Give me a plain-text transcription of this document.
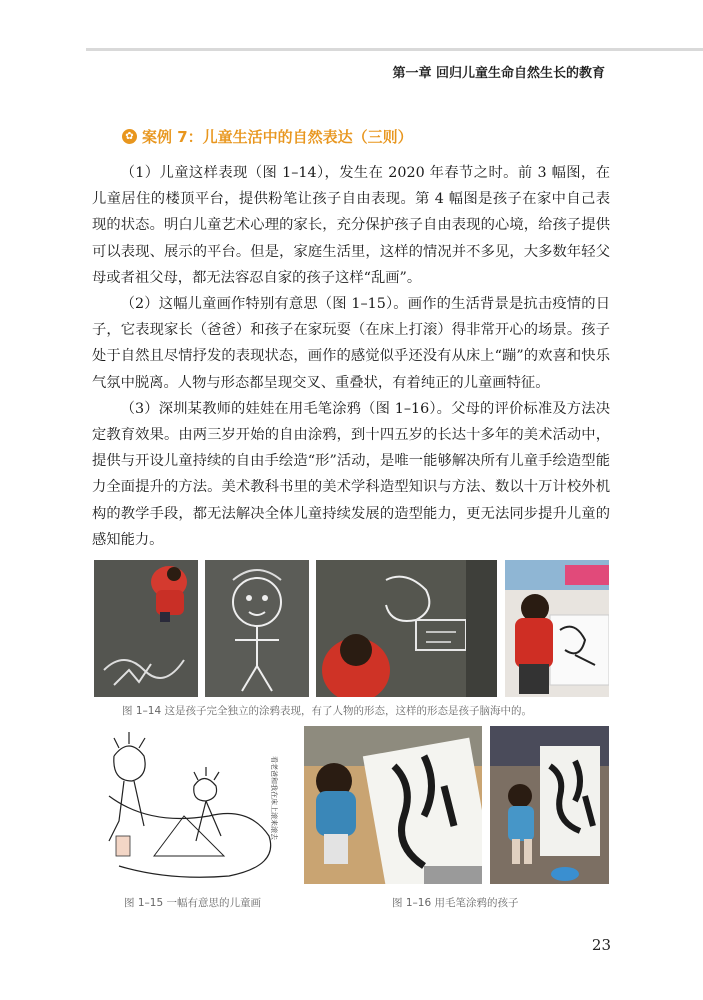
第一章 回归儿童生命自然生长的教育
✿ 案例 7：儿童生活中的自然表达（三则）

（1）儿童这样表现（图 1–14），发生在 2020 年春节之时。前 3 幅图，在儿童居住的楼顶平台，提供粉笔让孩子自由表现。第 4 幅图是孩子在家中自己表现的状态。明白儿童艺术心理的家长，充分保护孩子自由表现的心境，给孩子提供可以表现、展示的平台。但是，家庭生活里，这样的情况并不多见，大多数年轻父母或者祖父母，都无法容忍自家的孩子这样“乱画”。

（2）这幅儿童画作特别有意思（图 1–15）。画作的生活背景是抗击疫情的日子，它表现家长（爸爸）和孩子在家玩耍（在床上打滚）得非常开心的场景。孩子处于自然且尽情抒发的表现状态，画作的感觉似乎还没有从床上“蹦”的欢喜和快乐气氛中脱离。人物与形态都呈现交叉、重叠状，有着纯正的儿童画特征。

（3）深圳某教师的娃娃在用毛笔涂鸦（图 1–16）。父母的评价标准及方法决定教育效果。由两三岁开始的自由涂鸦，到十四五岁的长达十多年的美术活动中，提供与开设儿童持续的自由手绘造“形”活动，是唯一能够解决所有儿童手绘造型能力全面提升的方法。美术教科书里的美术学科造型知识与方法、数以十万计校外机构的教学手段，都无法解决全体儿童持续发展的造型能力，更无法同步提升儿童的感知能力。

图 1–14 这是孩子完全独立的涂鸦表现，有了人物的形态，这样的形态是孩子脑海中的。
看老爸和我在床上滚来滚去
图 1–15 一幅有意思的儿童画	图 1–16 用毛笔涂鸦的孩子
23
